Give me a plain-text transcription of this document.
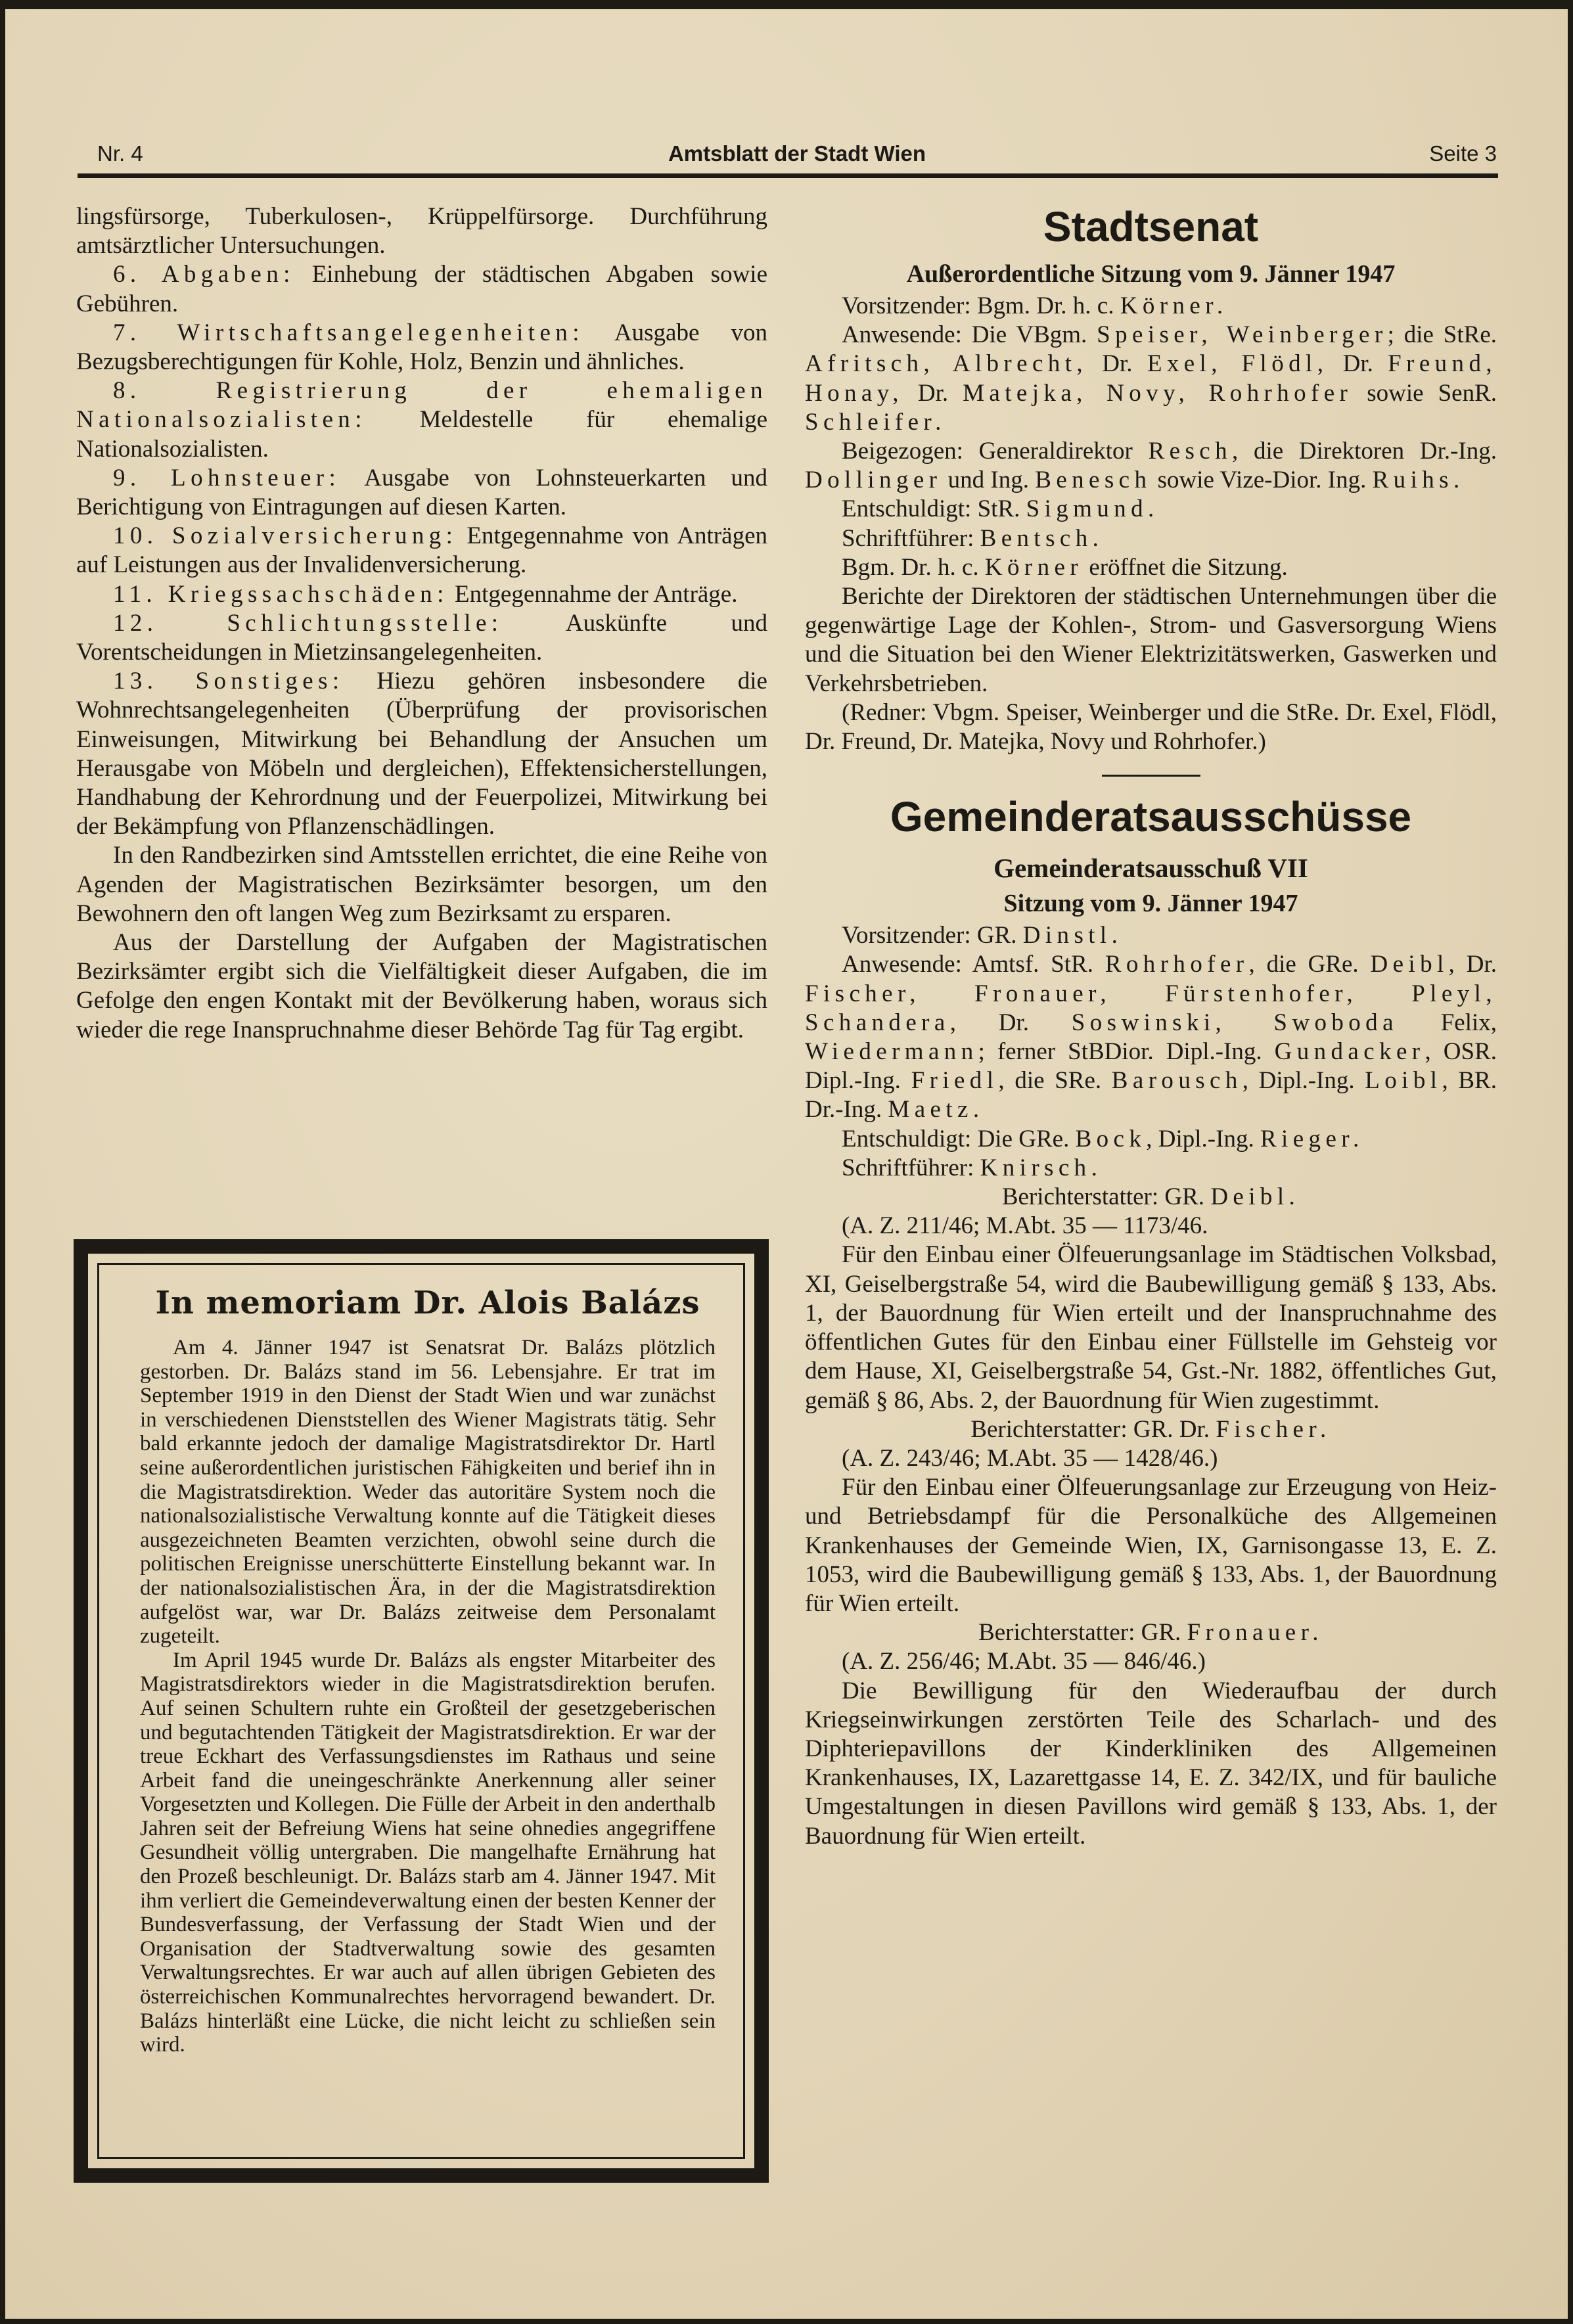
Nr. 4	Amtsblatt der Stadt Wien	Seite 3

lingsfürsorge, Tuberkulosen-, Krüppelfürsorge. Durchführung amtsärztlicher Untersuchungen.

6. Abgaben: Einhebung der städtischen Abgaben sowie Gebühren.

7. Wirtschaftsangelegenheiten: Ausgabe von Bezugsberechtigungen für Kohle, Holz, Benzin und ähnliches.

8. Registrierung der ehemaligen Nationalsozialisten: Meldestelle für ehemalige Nationalsozialisten.

9. Lohnsteuer: Ausgabe von Lohnsteuerkarten und Berichtigung von Eintragungen auf diesen Karten.

10. Sozialversicherung: Entgegennahme von Anträgen auf Leistungen aus der Invalidenversicherung.

11. Kriegssachschäden: Entgegennahme der Anträge.

12. Schlichtungsstelle: Auskünfte und Vorentscheidungen in Mietzinsangelegenheiten.

13. Sonstiges: Hiezu gehören insbesondere die Wohnrechtsangelegenheiten (Überprüfung der provisorischen Einweisungen, Mitwirkung bei Behandlung der Ansuchen um Herausgabe von Möbeln und dergleichen), Effektensicherstellungen, Handhabung der Kehrordnung und der Feuerpolizei, Mitwirkung bei der Bekämpfung von Pflanzenschädlingen.

In den Randbezirken sind Amtsstellen errichtet, die eine Reihe von Agenden der Magistratischen Bezirksämter besorgen, um den Bewohnern den oft langen Weg zum Bezirksamt zu ersparen.

Aus der Darstellung der Aufgaben der Magistratischen Bezirksämter ergibt sich die Vielfältigkeit dieser Aufgaben, die im Gefolge den engen Kontakt mit der Bevölkerung haben, woraus sich wieder die rege Inanspruchnahme dieser Behörde Tag für Tag ergibt.

In memoriam Dr. Alois Balázs

Am 4. Jänner 1947 ist Senatsrat Dr. Balázs plötzlich gestorben. Dr. Balázs stand im 56. Lebensjahre. Er trat im September 1919 in den Dienst der Stadt Wien und war zunächst in verschiedenen Dienststellen des Wiener Magistrats tätig. Sehr bald erkannte jedoch der damalige Magistratsdirektor Dr. Hartl seine außerordentlichen juristischen Fähigkeiten und berief ihn in die Magistratsdirektion. Weder das autoritäre System noch die nationalsozialistische Verwaltung konnte auf die Tätigkeit dieses ausgezeichneten Beamten verzichten, obwohl seine durch die politischen Ereignisse unerschütterte Einstellung bekannt war. In der nationalsozialistischen Ära, in der die Magistratsdirektion aufgelöst war, war Dr. Balázs zeitweise dem Personalamt zugeteilt.

Im April 1945 wurde Dr. Balázs als engster Mitarbeiter des Magistratsdirektors wieder in die Magistratsdirektion berufen. Auf seinen Schultern ruhte ein Großteil der gesetzgeberischen und begutachtenden Tätigkeit der Magistratsdirektion. Er war der treue Eckhart des Verfassungsdienstes im Rathaus und seine Arbeit fand die uneingeschränkte Anerkennung aller seiner Vorgesetzten und Kollegen. Die Fülle der Arbeit in den anderthalb Jahren seit der Befreiung Wiens hat seine ohnedies angegriffene Gesundheit völlig untergraben. Die mangelhafte Ernährung hat den Prozeß beschleunigt. Dr. Balázs starb am 4. Jänner 1947. Mit ihm verliert die Gemeindeverwaltung einen der besten Kenner der Bundesverfassung, der Verfassung der Stadt Wien und der Organisation der Stadtverwaltung sowie des gesamten Verwaltungsrechtes. Er war auch auf allen übrigen Gebieten des österreichischen Kommunalrechtes hervorragend bewandert. Dr. Balázs hinterläßt eine Lücke, die nicht leicht zu schließen sein wird.

Stadtsenat
Außerordentliche Sitzung vom 9. Jänner 1947

Vorsitzender: Bgm. Dr. h. c. Körner.

Anwesende: Die VBgm. Speiser, Weinberger; die StRe. Afritsch, Albrecht, Dr. Exel, Flödl, Dr. Freund, Honay, Dr. Matejka, Novy, Rohrhofer sowie SenR. Schleifer.

Beigezogen: Generaldirektor Resch, die Direktoren Dr.-Ing. Dollinger und Ing. Benesch sowie Vize-Dior. Ing. Ruihs.

Entschuldigt: StR. Sigmund.

Schriftführer: Bentsch.

Bgm. Dr. h. c. Körner eröffnet die Sitzung.

Berichte der Direktoren der städtischen Unternehmungen über die gegenwärtige Lage der Kohlen-, Strom- und Gasversorgung Wiens und die Situation bei den Wiener Elektrizitätswerken, Gaswerken und Verkehrsbetrieben.

(Redner: Vbgm. Speiser, Weinberger und die StRe. Dr. Exel, Flödl, Dr. Freund, Dr. Matejka, Novy und Rohrhofer.)

Gemeinderatsausschüsse
Gemeinderatsausschuß VII
Sitzung vom 9. Jänner 1947

Vorsitzender: GR. Dinstl.

Anwesende: Amtsf. StR. Rohrhofer, die GRe. Deibl, Dr. Fischer, Fronauer, Fürstenhofer, Pleyl, Schandera, Dr. Soswinski, Swoboda Felix, Wiedermann; ferner StBDior. Dipl.-Ing. Gundacker, OSR. Dipl.-Ing. Friedl, die SRe. Barousch, Dipl.-Ing. Loibl, BR. Dr.-Ing. Maetz.

Entschuldigt: Die GRe. Bock, Dipl.-Ing. Rieger.

Schriftführer: Knirsch.

Berichterstatter: GR. Deibl.

(A. Z. 211/46; M.Abt. 35 — 1173/46.

Für den Einbau einer Ölfeuerungsanlage im Städtischen Volksbad, XI, Geiselbergstraße 54, wird die Baubewilligung gemäß § 133, Abs. 1, der Bauordnung für Wien erteilt und der Inanspruchnahme des öffentlichen Gutes für den Einbau einer Füllstelle im Gehsteig vor dem Hause, XI, Geiselbergstraße 54, Gst.-Nr. 1882, öffentliches Gut, gemäß § 86, Abs. 2, der Bauordnung für Wien zugestimmt.

Berichterstatter: GR. Dr. Fischer.

(A. Z. 243/46; M.Abt. 35 — 1428/46.)

Für den Einbau einer Ölfeuerungsanlage zur Erzeugung von Heiz- und Betriebsdampf für die Personalküche des Allgemeinen Krankenhauses der Gemeinde Wien, IX, Garnisongasse 13, E. Z. 1053, wird die Baubewilligung gemäß § 133, Abs. 1, der Bauordnung für Wien erteilt.

Berichterstatter: GR. Fronauer.

(A. Z. 256/46; M.Abt. 35 — 846/46.)

Die Bewilligung für den Wiederaufbau der durch Kriegseinwirkungen zerstörten Teile des Scharlach- und des Diphteriepavillons der Kinderkliniken des Allgemeinen Krankenhauses, IX, Lazarettgasse 14, E. Z. 342/IX, und für bauliche Umgestaltungen in diesen Pavillons wird gemäß § 133, Abs. 1, der Bauordnung für Wien erteilt.
